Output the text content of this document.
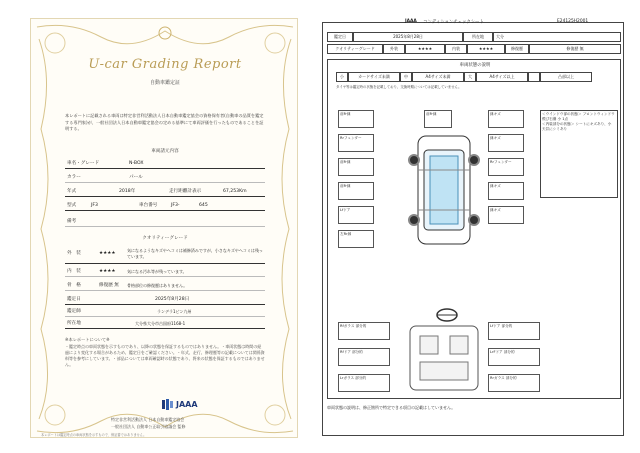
U-car Grading Report
自動車鑑定証
本レポートに記載される車両は特定非営利活動法人日本自動車鑑定協会の資格保有者(自動車の品質を鑑定する専門家)が、一般社団法人日本自動車鑑定協会の定める基準にて車両評価を行ったものであることを証明する。
車両諸元内容
車名・グレード	N-BOX
カラー	パール
年式	2018年	走行距離計表示	67,253Km
型式	JF3	車台番号	JF3-	645
備考
クオリティーグレード
外　装	★★★★
気になるようなキズやヘコミは補修済みですが、小さなキズやヘコミは残っています。
内　装	★★★★	気になる汚れ等が残っています。
骨　格	修復歴 無 骨格部位の修復歴はありません。
鑑定日	2025年8月28日
鑑定師	ランデラ1ピン九州
所在地	大分県大分市古国府1168-1
※本レポートについて※
・鑑定時点の車両状態を示すものであり、以降の状態を保証するものではありません。・車両状態は時間の経過により変化する場合があるため、鑑定日をご確認ください。・年式、走行、修理歴等の記載については関係資料等を参考にしています。・部品については車両確認時の状態であり、将来の状態を保証するものではありません。
JAAA
特定非営利活動法人 日本自動車鑑定協会
一般社団法人 自動車公正取引協議会 監修
本レポートは鑑定時点の車両状態を示すもので、保証書ではありません。
JAAA コンディションチェックシート	E24125H2001
鑑定日	2025年8月28日	所在地	大分
クオリティーグレード	外装	★★★★	内装	★★★★	修復歴	修復歴 無
車両状態の説明
小	カードサイズ未満	中	A4サイズ未満	大	A4サイズ以上	凸部以上
タイヤ等は鑑定時の状態を記載しており、交換時期については記載していません。
前Fr縁
Rrフェンダー
前Fr縁
前Fr縁
Lfドア
左Rr縁
縁キズ
縁キズ
Rrフェンダー
縁キズ
縁キズ
前Fr縁	＜ウインドウ部の状態＞ フロントウィンドウ飛び石傷 小 1点
＜内装部分の状態＞ シートにキズあり、小 天井にシミあり
Rfガラス 部分的
Rfドア 部分的
Lfドア 部分的
LrFドア 部分的
Lrガラス 部分的	Rrガラス 部分的
車両状態の説明は、修正箇所で特定できる項目の記載はしていません。
